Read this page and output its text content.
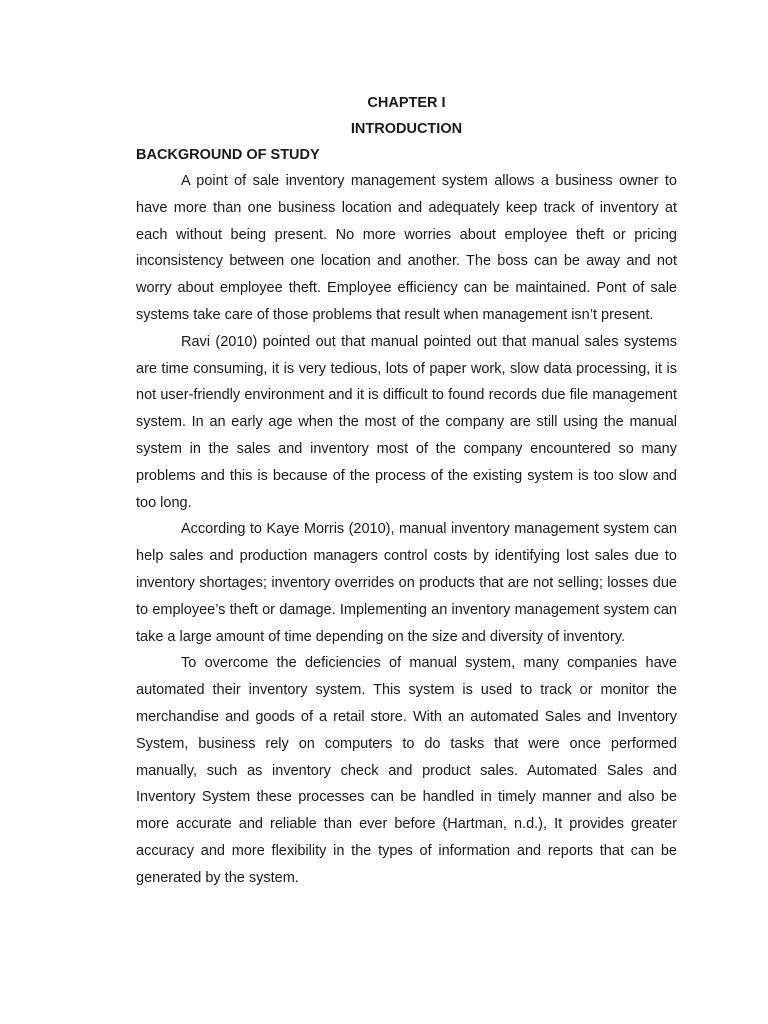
CHAPTER I

INTRODUCTION

BACKGROUND OF STUDY

A point of sale inventory management system allows a business owner to have more than one business location and adequately keep track of inventory at each without being present. No more worries about employee theft or pricing inconsistency between one location and another. The boss can be away and not worry about employee theft. Employee efficiency can be maintained. Pont of sale systems take care of those problems that result when management isn’t present.

Ravi (2010) pointed out that manual pointed out that manual sales systems are time consuming, it is very tedious, lots of paper work, slow data processing, it is not user-friendly environment and it is difficult to found records due file management system. In an early age when the most of the company are still using the manual system in the sales and inventory most of the company encountered so many problems and this is because of the process of the existing system is too slow and too long.

According to Kaye Morris (2010), manual inventory management system can help sales and production managers control costs by identifying lost sales due to inventory shortages; inventory overrides on products that are not selling; losses due to employee’s theft or damage. Implementing an inventory management system can take a large amount of time depending on the size and diversity of inventory.

To overcome the deficiencies of manual system, many companies have automated their inventory system. This system is used to track or monitor the merchandise and goods of a retail store. With an automated Sales and Inventory System, business rely on computers to do tasks that were once performed manually, such as inventory check and product sales. Automated Sales and Inventory System these processes can be handled in timely manner and also be more accurate and reliable than ever before (Hartman, n.d.), It provides greater accuracy and more flexibility in the types of information and reports that can be generated by the system.
